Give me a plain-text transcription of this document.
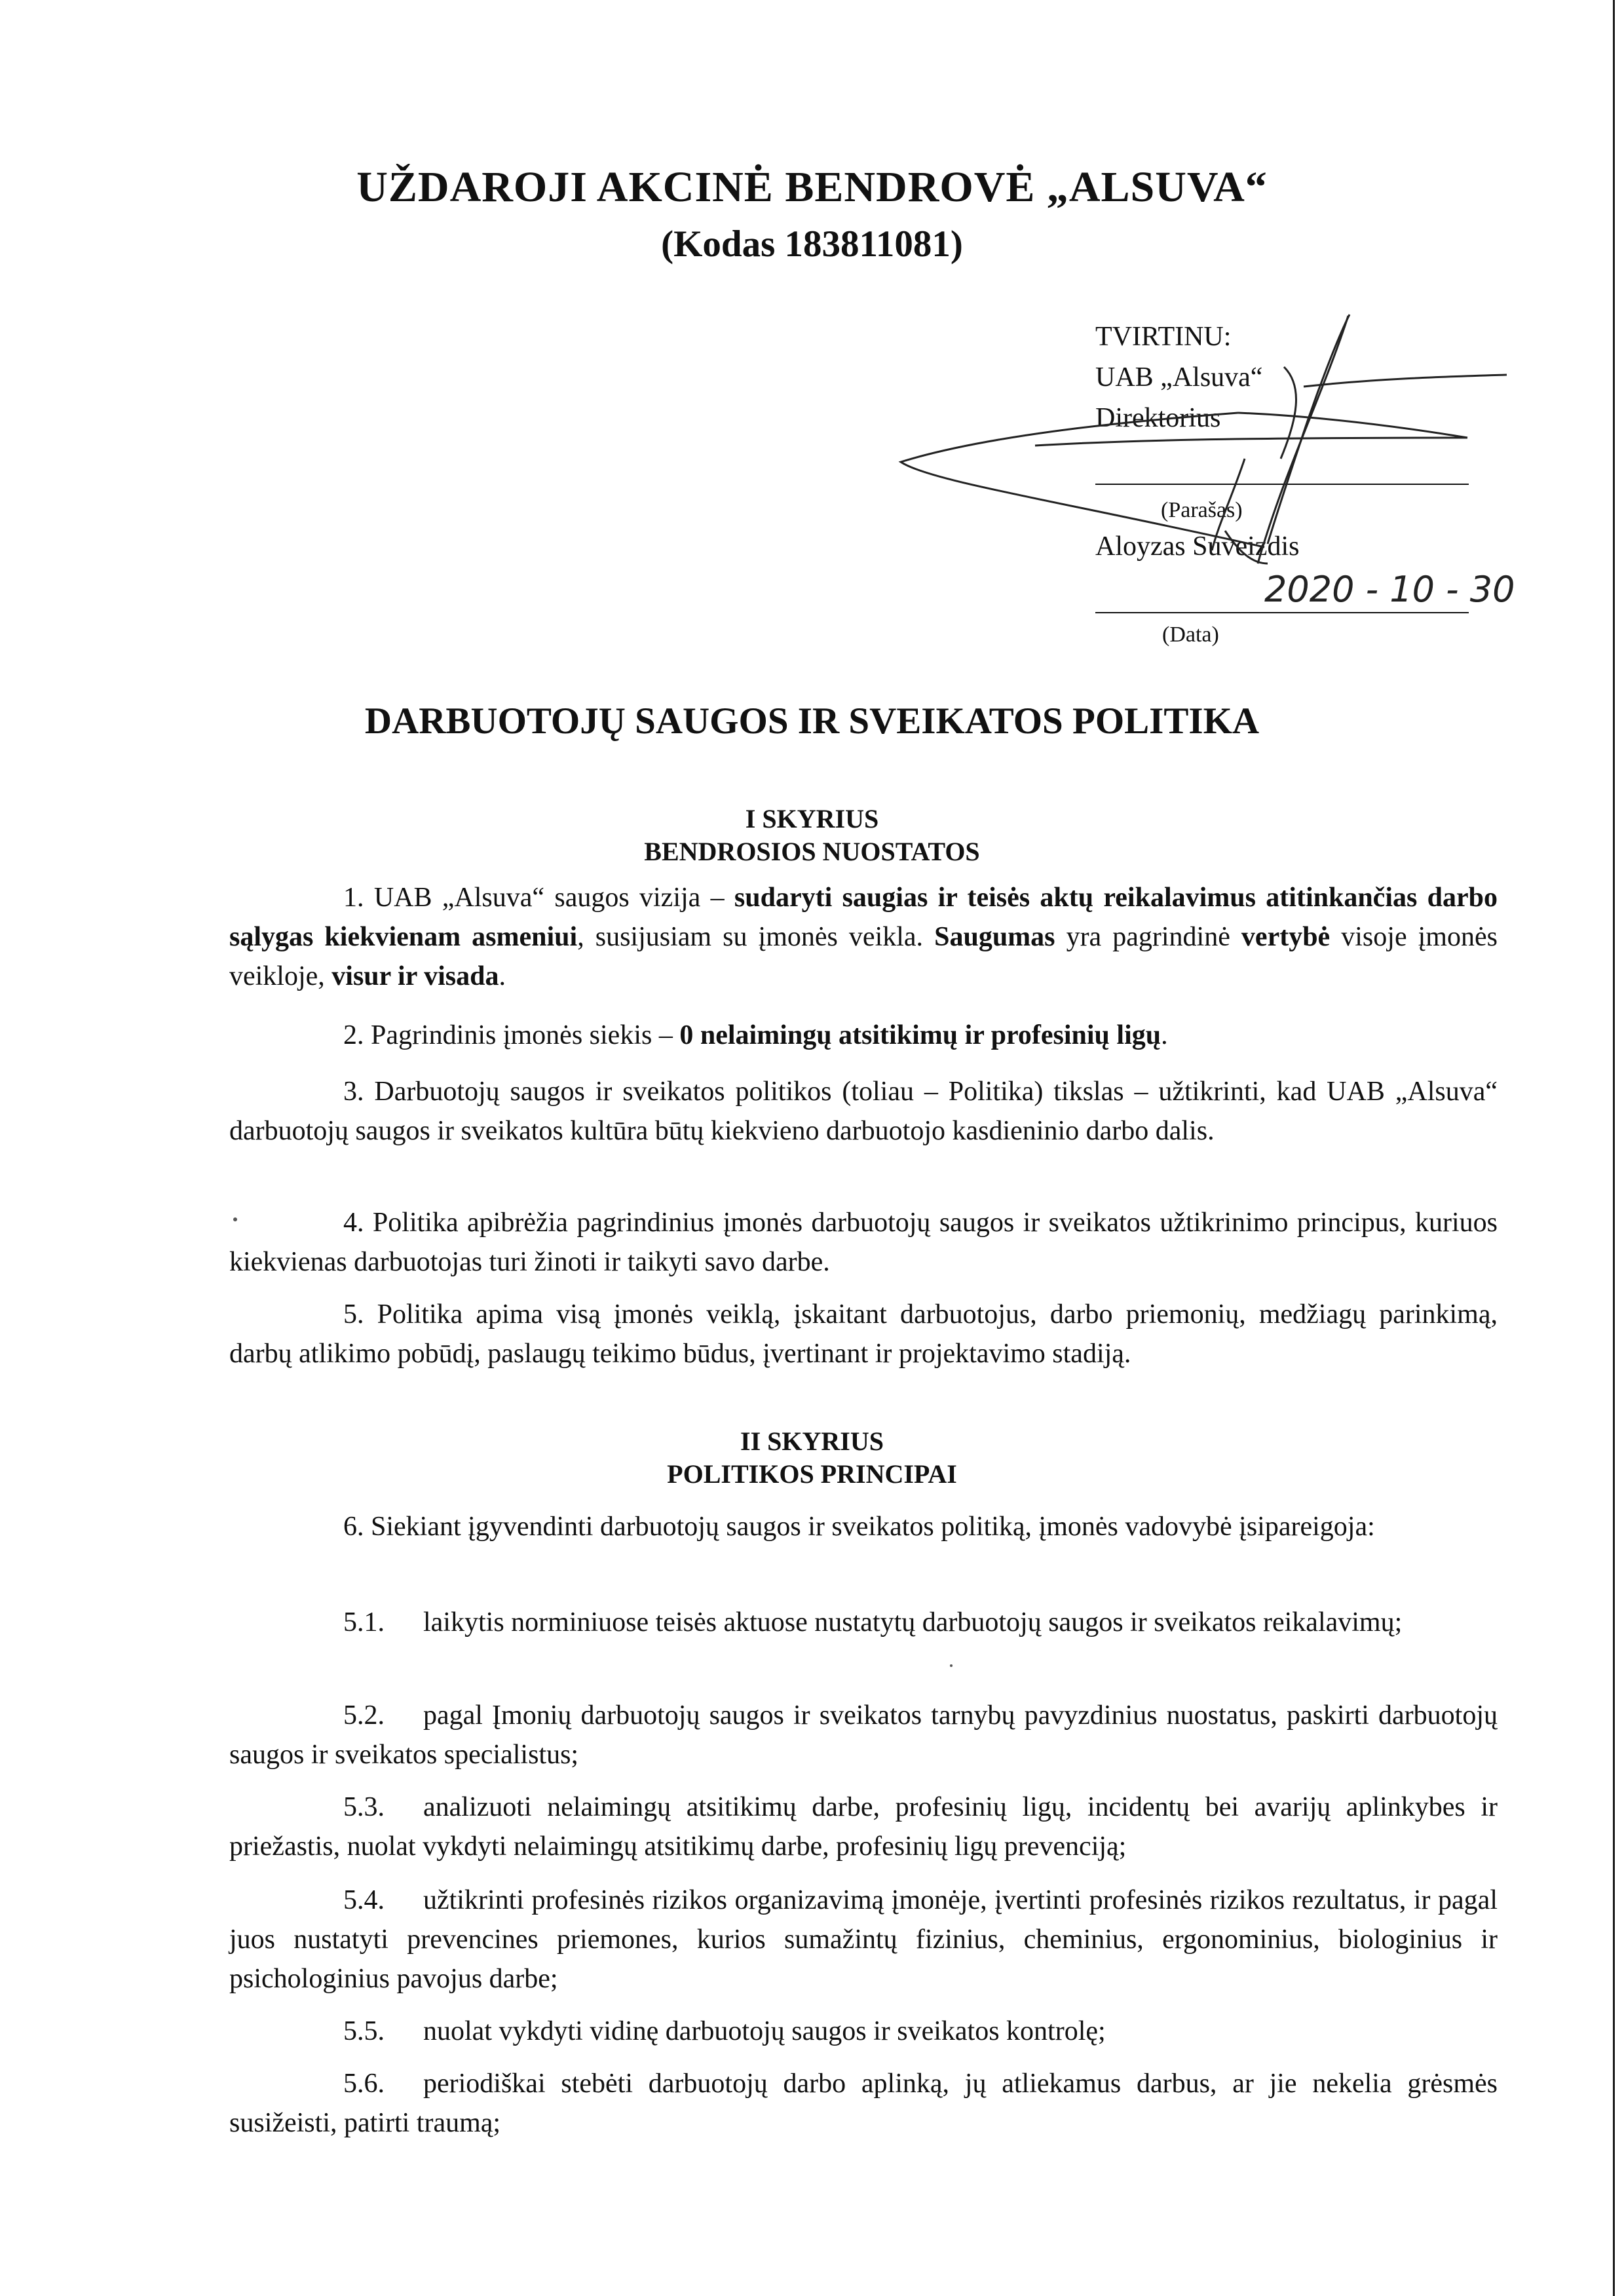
UŽDAROJI AKCINĖ BENDROVĖ „ALSUVA“
(Kodas 183811081)
TVIRTINU:
UAB „Alsuva“
Direktorius
(Parašas)
Aloyzas Suveizdis
2020 - 10 - 30
(Data)
DARBUOTOJŲ SAUGOS IR SVEIKATOS POLITIKA
I SKYRIUS
BENDROSIOS NUOSTATOS
1. UAB „Alsuva“ saugos vizija – sudaryti saugias ir teisės aktų reikalavimus atitinkančias darbo sąlygas kiekvienam asmeniui, susijusiam su įmonės veikla. Saugumas yra pagrindinė vertybė visoje įmonės veikloje, visur ir visada.
2. Pagrindinis įmonės siekis – 0 nelaimingų atsitikimų ir profesinių ligų.
3. Darbuotojų saugos ir sveikatos politikos (toliau – Politika) tikslas – užtikrinti, kad UAB „Alsuva“ darbuotojų saugos ir sveikatos kultūra būtų kiekvieno darbuotojo kasdieninio darbo dalis.
4. Politika apibrėžia pagrindinius įmonės darbuotojų saugos ir sveikatos užtikrinimo principus, kuriuos kiekvienas darbuotojas turi žinoti ir taikyti savo darbe.
5. Politika apima visą įmonės veiklą, įskaitant darbuotojus, darbo priemonių, medžiagų parinkimą, darbų atlikimo pobūdį, paslaugų teikimo būdus, įvertinant ir projektavimo stadiją.
II SKYRIUS
POLITIKOS PRINCIPAI
6. Siekiant įgyvendinti darbuotojų saugos ir sveikatos politiką, įmonės vadovybė įsipareigoja:
5.1. laikytis norminiuose teisės aktuose nustatytų darbuotojų saugos ir sveikatos reikalavimų;
5.2. pagal Įmonių darbuotojų saugos ir sveikatos tarnybų pavyzdinius nuostatus, paskirti darbuotojų saugos ir sveikatos specialistus;
5.3. analizuoti nelaimingų atsitikimų darbe, profesinių ligų, incidentų bei avarijų aplinkybes ir priežastis, nuolat vykdyti nelaimingų atsitikimų darbe, profesinių ligų prevenciją;
5.4. užtikrinti profesinės rizikos organizavimą įmonėje, įvertinti profesinės rizikos rezultatus, ir pagal juos nustatyti prevencines priemones, kurios sumažintų fizinius, cheminius, ergonominius, biologinius ir psichologinius pavojus darbe;
5.5. nuolat vykdyti vidinę darbuotojų saugos ir sveikatos kontrolę;
5.6. periodiškai stebėti darbuotojų darbo aplinką, jų atliekamus darbus, ar jie nekelia grėsmės susižeisti, patirti traumą;
